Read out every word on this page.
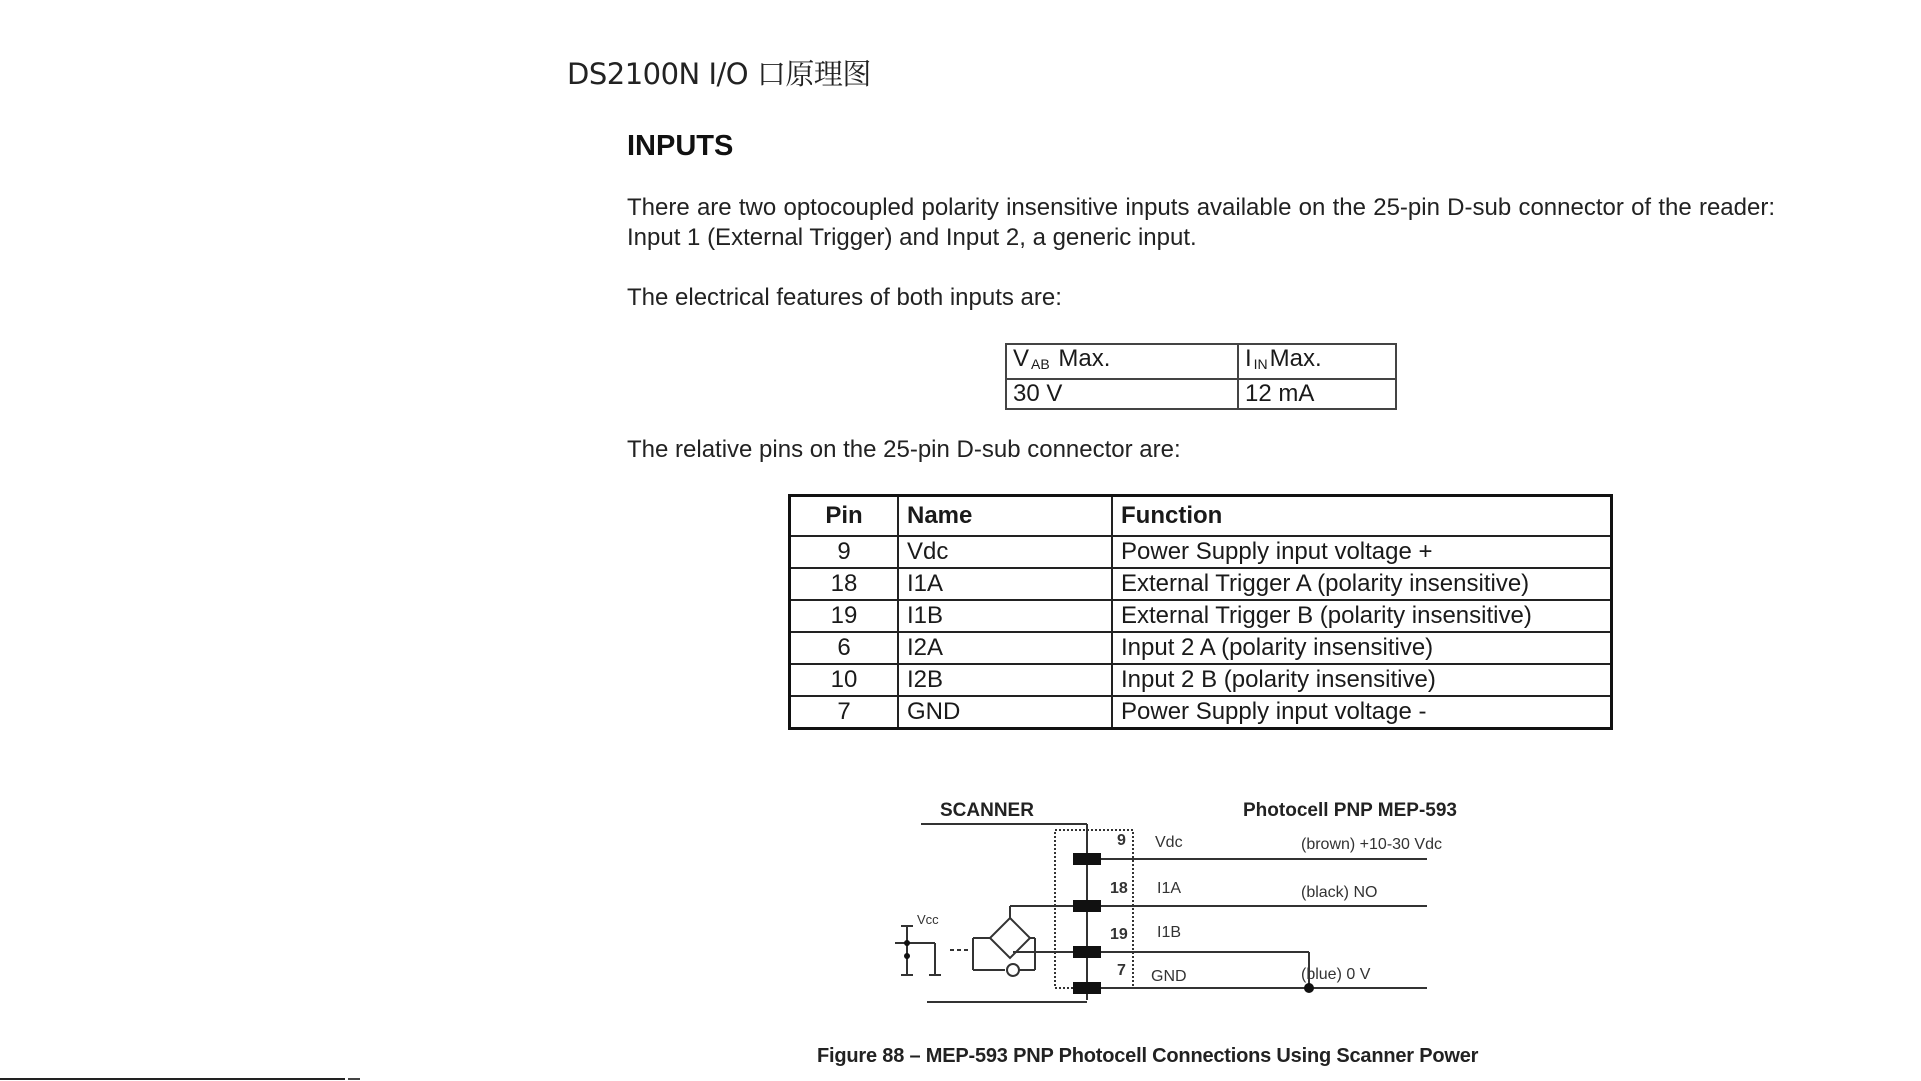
DS2100N I/O 口原理图
INPUTS
There are two optocoupled polarity insensitive inputs available on the 25-pin D-sub connector of the reader: Input 1 (External Trigger) and Input 2, a generic input.
The electrical features of both inputs are:
V $_{AB}$ Max.	I $_{IN}$Max.
30 V	12 mA
The relative pins on the 25-pin D-sub connector are:
Pin	Name	Function
9	Vdc	Power Supply input voltage +
18	I1A	External Trigger A (polarity insensitive)
19	I1B	External Trigger B (polarity insensitive)
6	I2A	Input 2 A (polarity insensitive)
10	I2B	Input 2 B (polarity insensitive)
7	GND	Power Supply input voltage -
SCANNER	Photocell PNP MEP-593
Vcc
9
18
19
7
Vdc
I1A
I1B
GND
(brown) +10-30 Vdc
(black) NO
(blue) 0 V
Figure 88 – MEP-593 PNP Photocell Connections Using Scanner Power
